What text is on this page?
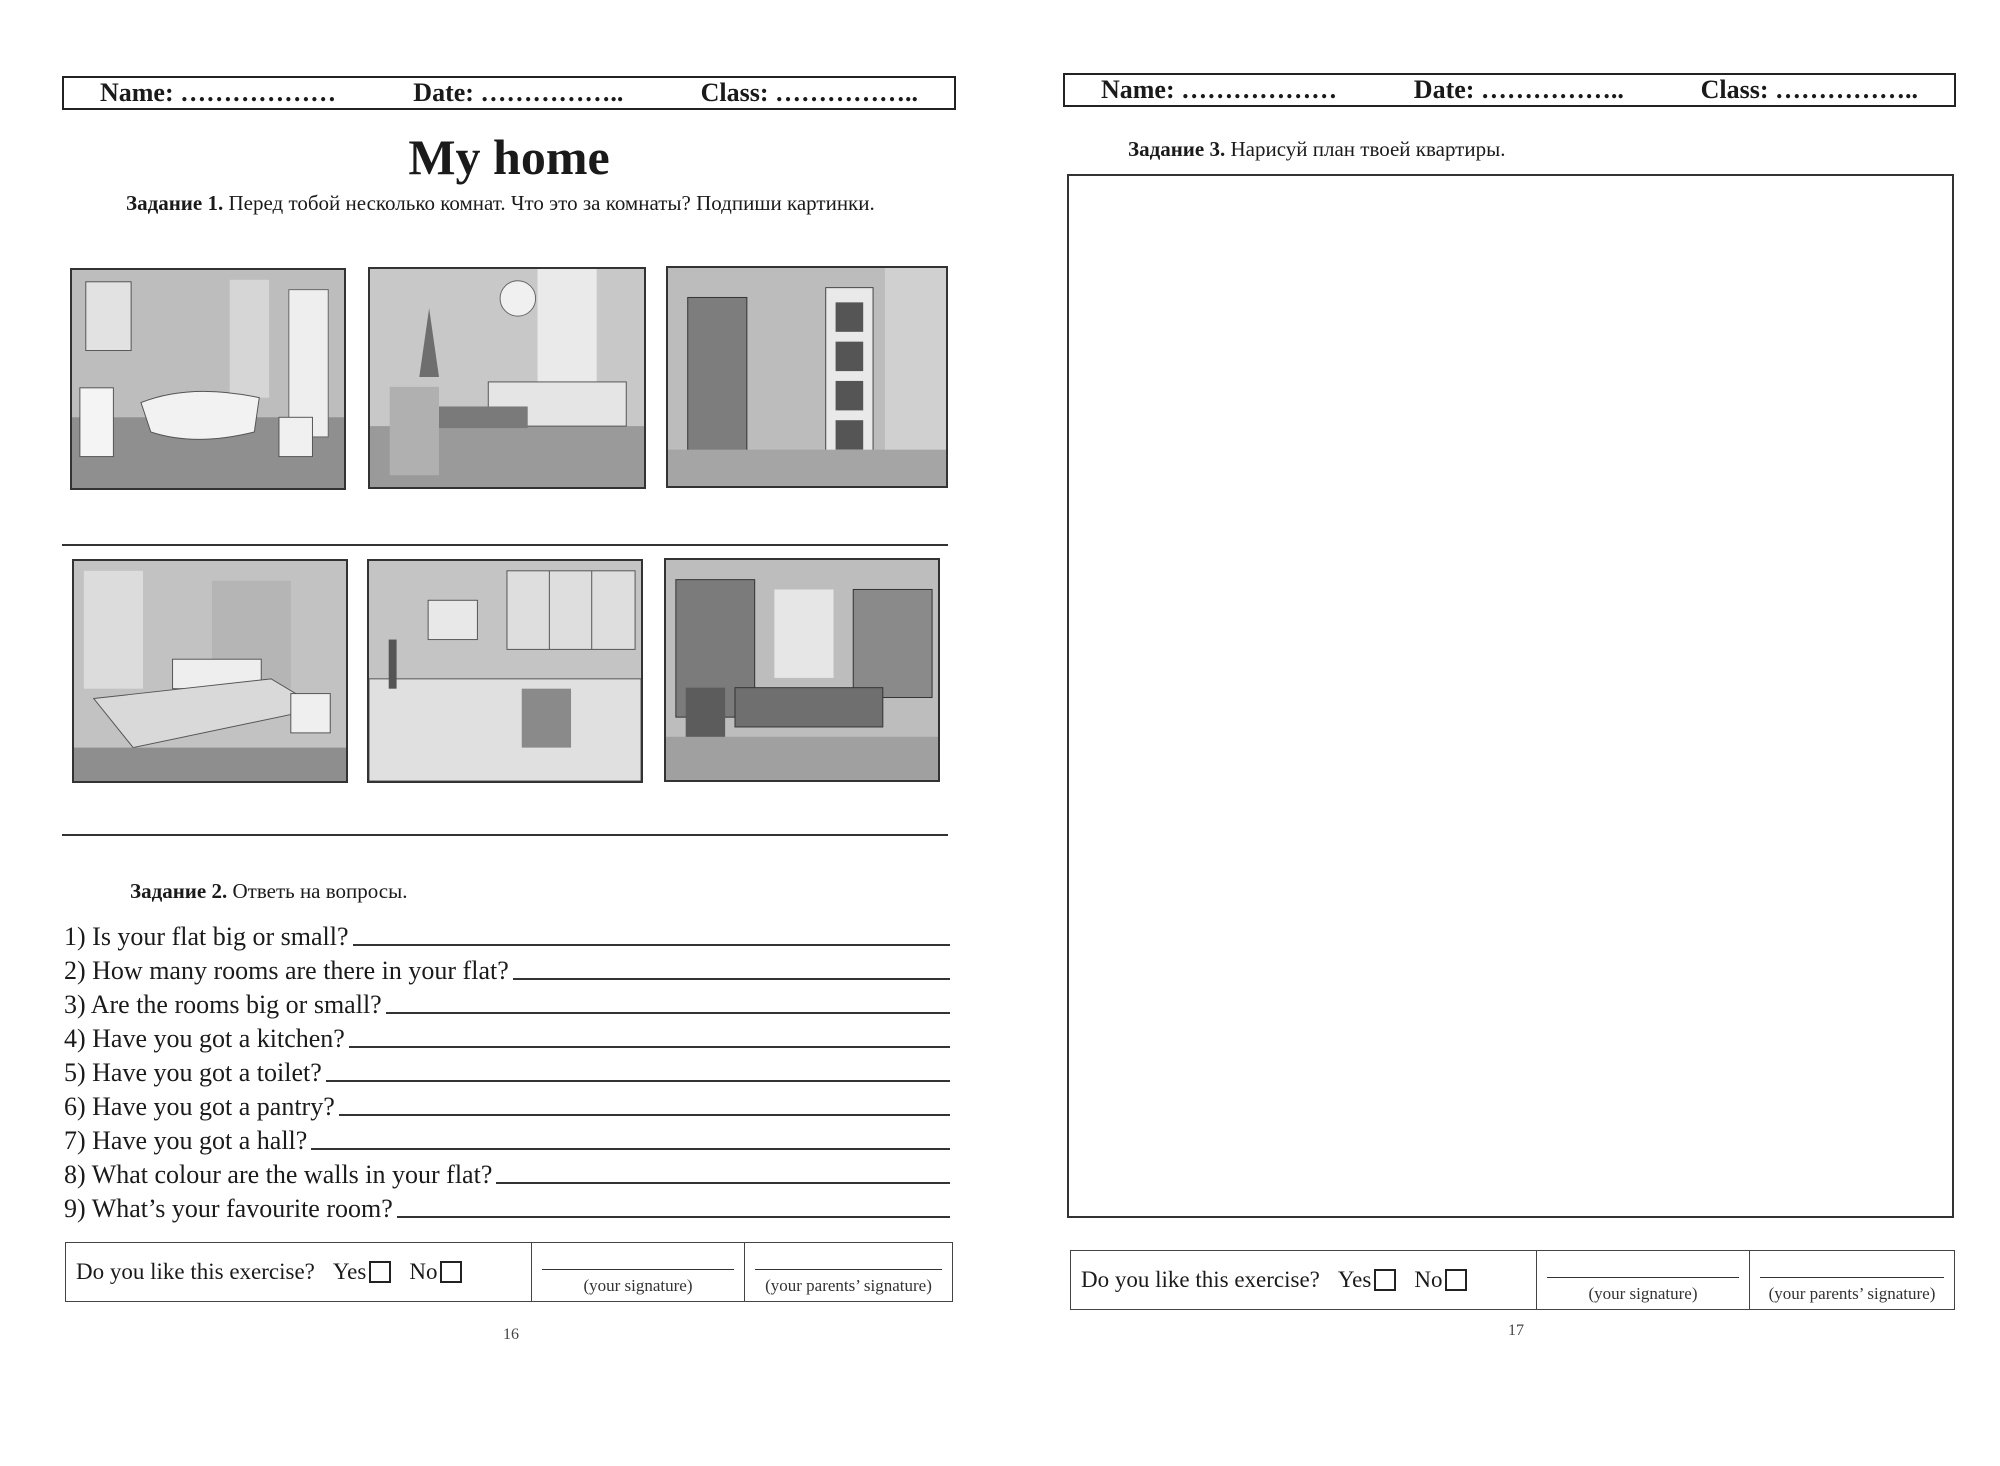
Name: ………………	Date: ……………..	Class: ……………..
My home
Задание 1. Перед тобой несколько комнат. Что это за комнаты? Подпиши картинки.
Задание 2. Ответь на вопросы.
1) Is your flat big or small?
2) How many rooms are there in your flat?
3) Are the rooms big or small?
4) Have you got a kitchen?
5) Have you got a toilet?
6) Have you got a pantry?
7) Have you got a hall?
8) What colour are the walls in your flat?
9) What’s your favourite room?
Do you like this exercise? Yes No
(your signature)	(your parents’ signature)
16
Name: ………………	Date: ……………..	Class: ……………..
Задание 3. Нарисуй план твоей квартиры.
Do you like this exercise? Yes No
(your signature)	(your parents’ signature)
17
